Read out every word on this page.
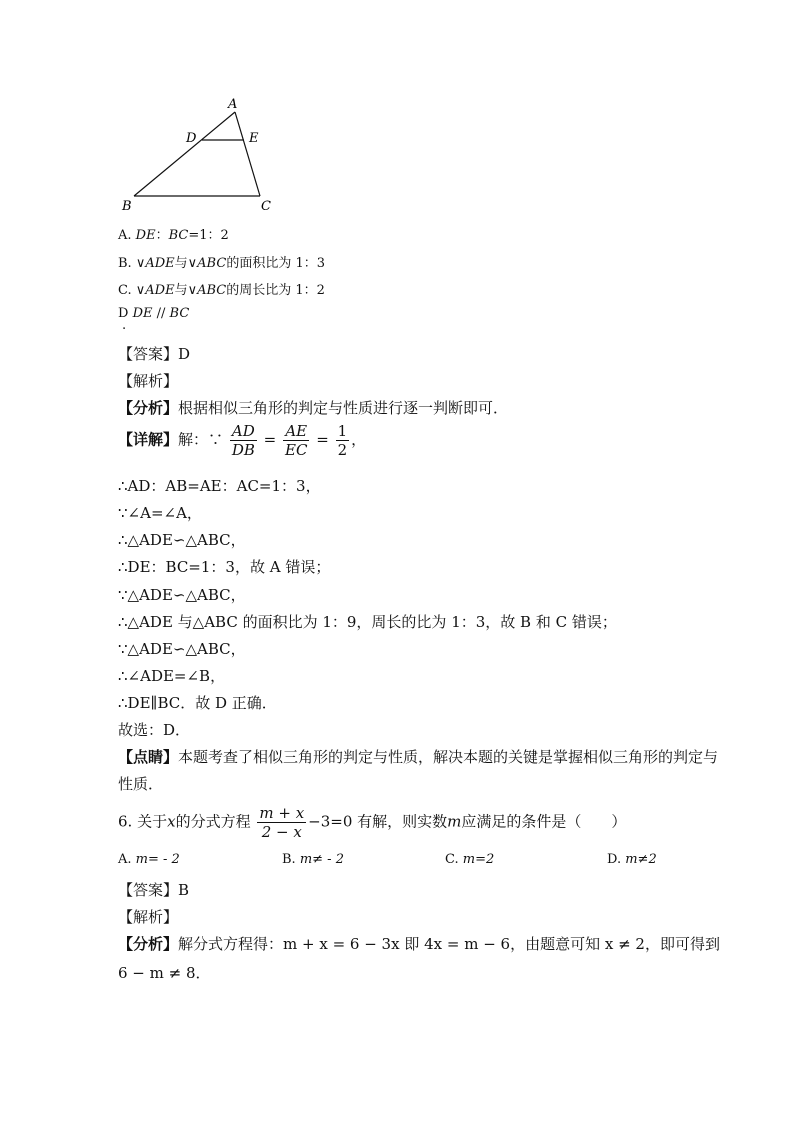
A
D	E
B	C
A. DE：BC=1：2
B. ∨ADE与∨ABC的面积比为 1：3
C. ∨ADE与∨ABC的周长比为 1：2
D DE // BC
.
【答案】D
【解析】
【分析】根据相似三角形的判定与性质进行逐一判断即可．
【详解】解：∵ $\frac{AD}{DB} = \frac{AE}{EC} = \frac{1}{2}$ ，
∴AD：AB=AE：AC=1：3，
∵∠A=∠A，
∴△ADE∽△ABC，
∴DE：BC=1：3，故 A 错误；
∵△ADE∽△ABC，
∴△ADE 与△ABC 的面积比为 1：9，周长的比为 1：3，故 B 和 C 错误；
∵△ADE∽△ABC，
∴∠ADE=∠B，
∴DE∥BC．故 D 正确．
故选：D．
【点睛】本题考查了相似三角形的判定与性质，解决本题的关键是掌握相似三角形的判定与
性质．
6. 关于x的分式方程 $\frac{m + x}{2 - x} -3=0$ 有解，则实数m应满足的条件是（　　）
A. m= - 2	B. m≠ - 2	C. m=2	D. m≠2
【答案】B
【解析】
【分析】解分式方程得：m + x = 6 − 3x 即 4x = m − 6，由题意可知 x ≠ 2，即可得到
6 − m ≠ 8．
